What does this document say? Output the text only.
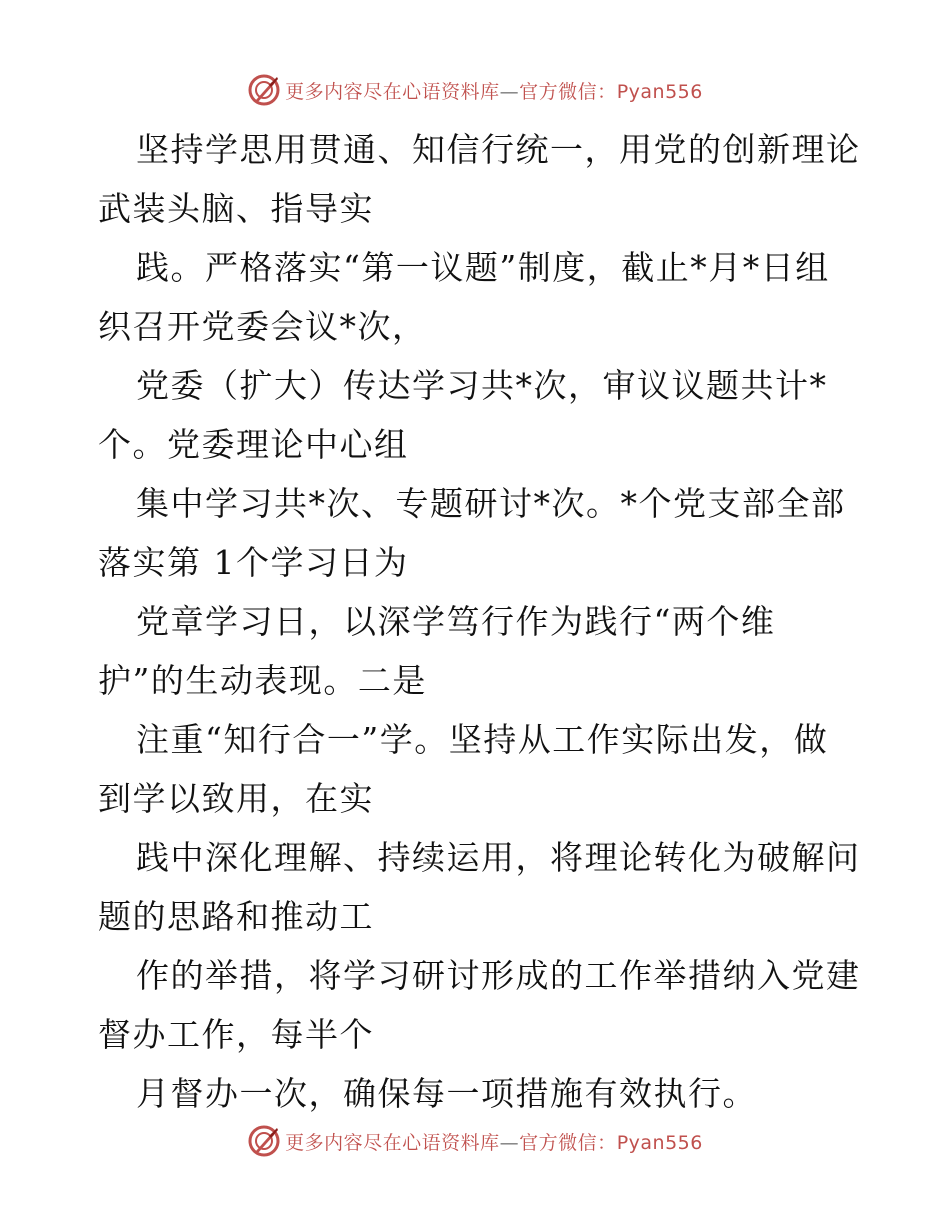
更多内容尽在心语资料库—官方微信：Pyan556
坚持学思用贯通、知信行统一，用党的创新理论
武装头脑、指导实
践。严格落实“第一议题”制度，截止*月*日组
织召开党委会议*次，
党委（扩大）传达学习共*次，审议议题共计*
个。党委理论中心组
集中学习共*次、专题研讨*次。*个党支部全部
落实第 1个学习日为
党章学习日，以深学笃行作为践行“两个维
护”的生动表现。二是
注重“知行合一”学。坚持从工作实际出发，做
到学以致用，在实
践中深化理解、持续运用，将理论转化为破解问
题的思路和推动工
作的举措，将学习研讨形成的工作举措纳入党建
督办工作，每半个
月督办一次，确保每一项措施有效执行。
更多内容尽在心语资料库—官方微信：Pyan556
